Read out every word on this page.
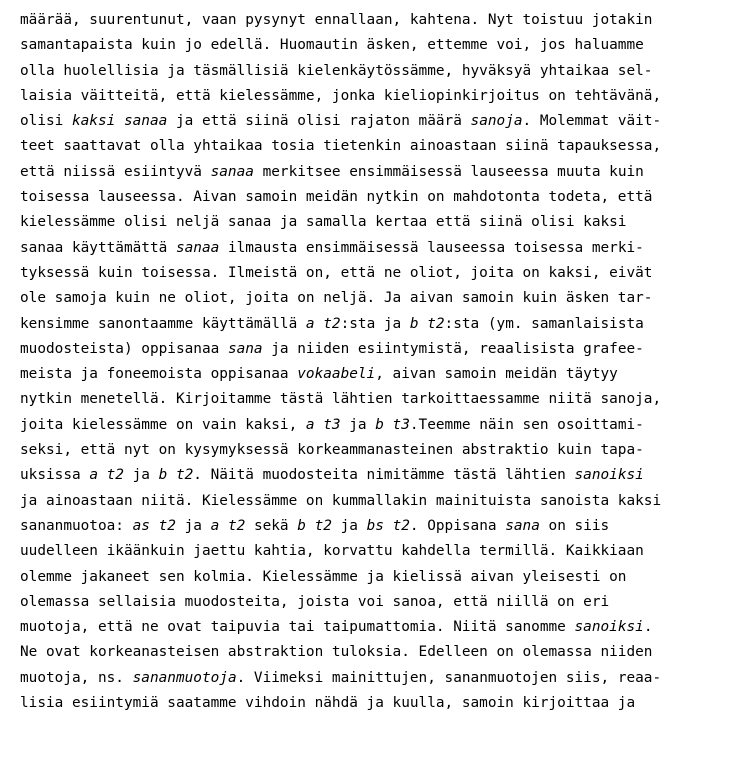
määrää, suurentunut, vaan pysynyt ennallaan, kahtena. Nyt toistuu jotakin
samantapaista kuin jo edellä. Huomautin äsken, ettemme voi, jos haluamme
olla huolellisia ja täsmällisiä kielenkäytössämme, hyväksyä yhtaikaa sel-
laisia väitteitä, että kielessämme, jonka kieliopinkirjoitus on tehtävänä,
olisi kaksi sanaa ja että siinä olisi rajaton määrä sanoja. Molemmat väit-
teet saattavat olla yhtaikaa tosia tietenkin ainoastaan siinä tapauksessa,
että niissä esiintyvä sanaa merkitsee ensimmäisessä lauseessa muuta kuin
toisessa lauseessa. Aivan samoin meidän nytkin on mahdotonta todeta, että
kielessämme olisi neljä sanaa ja samalla kertaa että siinä olisi kaksi
sanaa käyttämättä sanaa ilmausta ensimmäisessä lauseessa toisessa merki-
tyksessä kuin toisessa. Ilmeistä on, että ne oliot, joita on kaksi, eivät
ole samoja kuin ne oliot, joita on neljä. Ja aivan samoin kuin äsken tar-
kensimme sanontaamme käyttämällä a t2:sta ja b t2:sta (ym. samanlaisista
muodosteista) oppisanaa sana ja niiden esiintymistä, reaalisista grafee-
meista ja foneemoista oppisanaa vokaabeli, aivan samoin meidän täytyy
nytkin menetellä. Kirjoitamme tästä lähtien tarkoittaessamme niitä sanoja,
joita kielessämme on vain kaksi, a t3 ja b t3.Teemme näin sen osoittami-
seksi, että nyt on kysymyksessä korkeammanasteinen abstraktio kuin tapa-
uksissa a t2 ja b t2. Näitä muodosteita nimitämme tästä lähtien sanoiksi
ja ainoastaan niitä. Kielessämme on kummallakin mainituista sanoista kaksi
sananmuotoa: as t2 ja a t2 sekä b t2 ja bs t2. Oppisana sana on siis
uudelleen ikäänkuin jaettu kahtia, korvattu kahdella termillä. Kaikkiaan
olemme jakaneet sen kolmia. Kielessämme ja kielissä aivan yleisesti on
olemassa sellaisia muodosteita, joista voi sanoa, että niillä on eri
muotoja, että ne ovat taipuvia tai taipumattomia. Niitä sanomme sanoiksi.
Ne ovat korkeanasteisen abstraktion tuloksia. Edelleen on olemassa niiden
muotoja, ns. sananmuotoja. Viimeksi mainittujen, sananmuotojen siis, reaa-
lisia esiintymiä saatamme vihdoin nähdä ja kuulla, samoin kirjoittaa ja
